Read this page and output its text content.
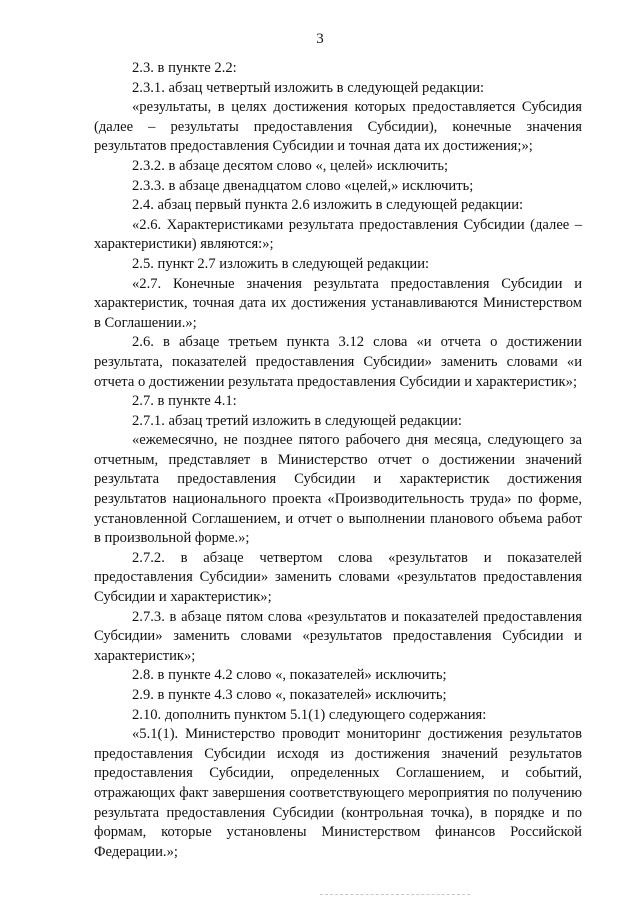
3

2.3. в пункте 2.2:

2.3.1. абзац четвертый изложить в следующей редакции:

«результаты, в целях достижения которых предоставляется Субсидия (далее – результаты предоставления Субсидии), конечные значения результатов предоставления Субсидии и точная дата их достижения;»;

2.3.2. в абзаце десятом слово «, целей» исключить;

2.3.3. в абзаце двенадцатом слово «целей,» исключить;

2.4. абзац первый пункта 2.6 изложить в следующей редакции:

«2.6. Характеристиками результата предоставления Субсидии (далее – характеристики) являются:»;

2.5. пункт 2.7 изложить в следующей редакции:

«2.7. Конечные значения результата предоставления Субсидии и характеристик, точная дата их достижения устанавливаются Министерством в Соглашении.»;

2.6. в абзаце третьем пункта 3.12 слова «и отчета о достижении результата, показателей предоставления Субсидии» заменить словами «и отчета о достижении результата предоставления Субсидии и характеристик»;

2.7. в пункте 4.1:

2.7.1. абзац третий изложить в следующей редакции:

«ежемесячно, не позднее пятого рабочего дня месяца, следующего за отчетным, представляет в Министерство отчет о достижении значений результата предоставления Субсидии и характеристик достижения результатов национального проекта «Производительность труда» по форме, установленной Соглашением, и отчет о выполнении планового объема работ в произвольной форме.»;

2.7.2. в абзаце четвертом слова «результатов и показателей предоставления Субсидии» заменить словами «результатов предоставления Субсидии и характеристик»;

2.7.3. в абзаце пятом слова «результатов и показателей предоставления Субсидии» заменить словами «результатов предоставления Субсидии и характеристик»;

2.8. в пункте 4.2 слово «, показателей» исключить;

2.9. в пункте 4.3 слово «, показателей» исключить;

2.10. дополнить пунктом 5.1(1) следующего содержания:

«5.1(1). Министерство проводит мониторинг достижения результатов предоставления Субсидии исходя из достижения значений результатов предоставления Субсидии, определенных Соглашением, и событий, отражающих факт завершения соответствующего мероприятия по получению результата предоставления Субсидии (контрольная точка), в порядке и по формам, которые установлены Министерством финансов Российской Федерации.»;
